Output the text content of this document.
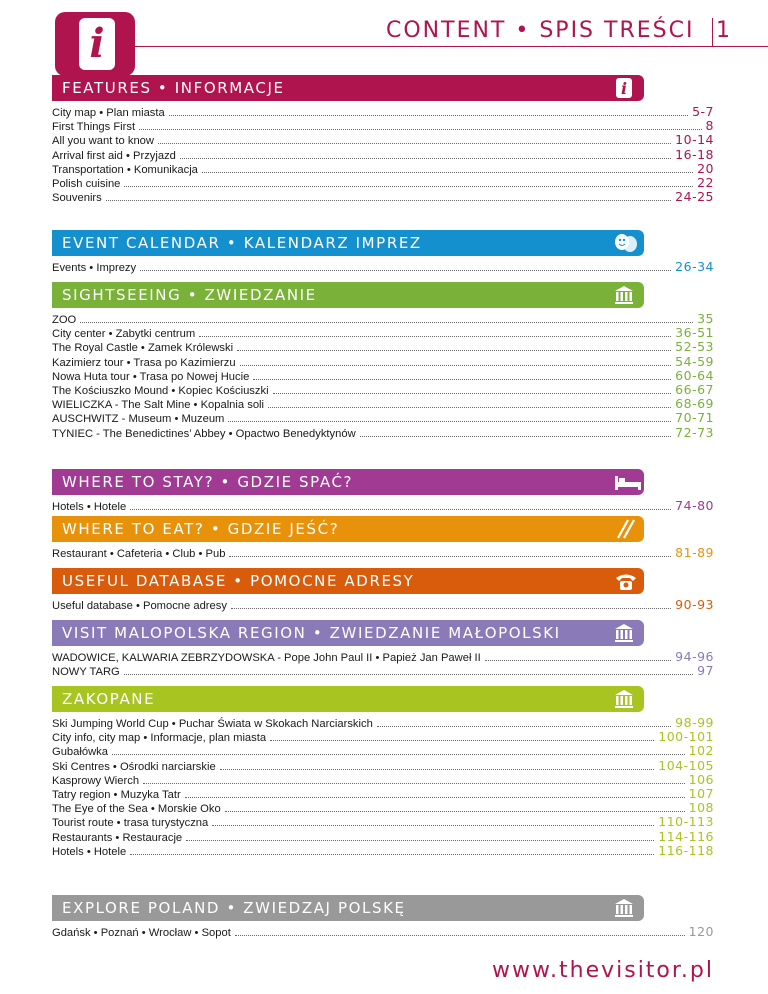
i	CONTENT • SPIS TREŚCI 1
FEATURES • INFORMACJE	i
City map • Plan miasta	5-7
First Things First	8
All you want to know	10-14
Arrival first aid • Przyjazd	16-18
Transportation • Komunikacja	20
Polish cuisine	22
Souvenirs	24-25
EVENT CALENDAR • KALENDARZ IMPREZ
Events • Imprezy	26-34
SIGHTSEEING • ZWIEDZANIE
ZOO	35
City center • Zabytki centrum	36-51
The Royal Castle • Zamek Królewski	52-53
Kazimierz tour • Trasa po Kazimierzu	54-59
Nowa Huta tour • Trasa po Nowej Hucie	60-64
The Kościuszko Mound • Kopiec Kościuszki	66-67
WIELICZKA - The Salt Mine • Kopalnia soli	68-69
AUSCHWITZ - Museum • Muzeum	70-71
TYNIEC - The Benedictines’ Abbey • Opactwo Benedyktynów	72-73
WHERE TO STAY? • GDZIE SPAĆ?
Hotels • Hotele	74-80
WHERE TO EAT? • GDZIE JEŚĆ?
Restaurant • Cafeteria • Club • Pub	81-89
USEFUL DATABASE • POMOCNE ADRESY
Useful database • Pomocne adresy	90-93
VISIT MALOPOLSKA REGION • ZWIEDZANIE MAŁOPOLSKI
WADOWICE, KALWARIA ZEBRZYDOWSKA - Pope John Paul II • Papież Jan Paweł II	94-96
NOWY TARG	97
ZAKOPANE
Ski Jumping World Cup • Puchar Świata w Skokach Narciarskich	98-99
City info, city map • Informacje, plan miasta	100-101
Gubałówka	102
Ski Centres • Ośrodki narciarskie	104-105
Kasprowy Wierch	106
Tatry region • Muzyka Tatr	107
The Eye of the Sea • Morskie Oko	108
Tourist route • trasa turystyczna	110-113
Restaurants • Restauracje	114-116
Hotels • Hotele	116-118
EXPLORE POLAND • ZWIEDZAJ POLSKĘ
Gdańsk • Poznań • Wrocław • Sopot	120
www.thevisitor.pl
